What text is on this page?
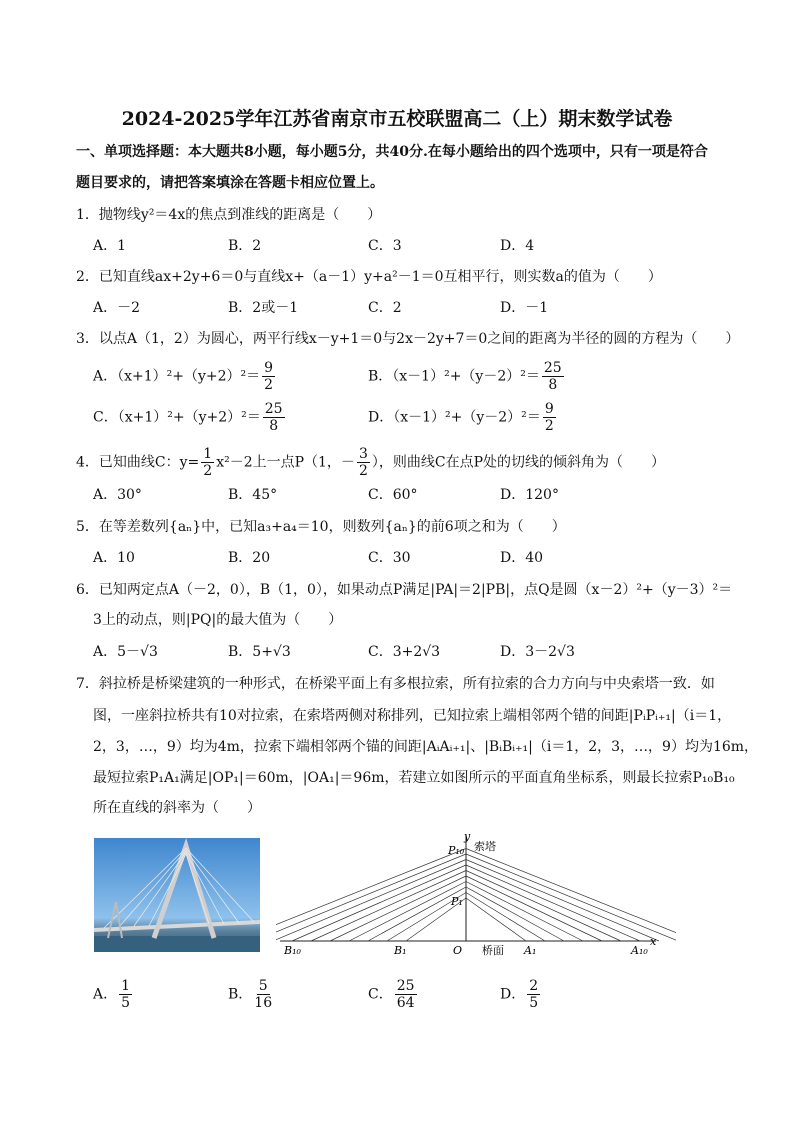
2024-2025学年江苏省南京市五校联盟高二（上）期末数学试卷
一、单项选择题：本大题共8小题，每小题5分，共40分.在每小题给出的四个选项中，只有一项是符合
题目要求的，请把答案填涂在答题卡相应位置上。
1．抛物线y²＝4x的焦点到准线的距离是（　　）
A．1	B．2	C．3	D．4
2．已知直线ax+2y+6＝0与直线x+（a－1）y+a²－1＝0互相平行，则实数a的值为（　　）
A．－2	B．2或－1	C．2	D．－1
3．以点A（1，2）为圆心，两平行线x－y+1＝0与2x－2y+7＝0之间的距离为半径的圆的方程为（　　）
A．$(x+1)^2+(y+2)^2= \frac{9}{2}$	B．$(x-1)^2+(y-2)^2= \frac{25}{8}$
C．$(x+1)^2+(y+2)^2= \frac{25}{8}$	D．$(x-1)^2+(y-2)^2= \frac{9}{2}$
4．已知曲线C：$y= \frac{1}{2} x^2-2$上一点P（1，－ $\frac{3}{2}$ ），则曲线C在点P处的切线的倾斜角为（　　）
A．30°	B．45°	C．60°	D．120°
5．在等差数列{aₙ}中，已知a₃+a₄＝10，则数列{aₙ}的前6项之和为（　　）
A．10	B．20	C．30	D．40
6．已知两定点A（－2，0），B（1，0），如果动点P满足|PA|＝2|PB|，点Q是圆（x－2）²+（y－3）²＝
3上的动点，则|PQ|的最大值为（　　）
A．5－√3	B．5+√3	C．3+2√3	D．3－2√3
7．斜拉桥是桥梁建筑的一种形式，在桥梁平面上有多根拉索，所有拉索的合力方向与中央索塔一致．如
图，一座斜拉桥共有10对拉索，在索塔两侧对称排列，已知拉索上端相邻两个错的间距|PᵢPᵢ₊₁|（i＝1，
2，3，…，9）均为4m，拉索下端相邻两个锚的间距|AᵢAᵢ₊₁|、|BᵢBᵢ₊₁|（i＝1，2，3，…，9）均为16m，
最短拉索P₁A₁满足|OP₁|＝60m，|OA₁|＝96m，若建立如图所示的平面直角坐标系，则最长拉索P₁₀B₁₀
所在直线的斜率为（　　）
y
索塔
P₁₀
P₁
O 桥面
B₁₀	B₁	A₁	A₁₀
x
A． $\frac{1}{5}$	B． $\frac{5}{16}$	C． $\frac{25}{64}$	D． $\frac{2}{5}$
